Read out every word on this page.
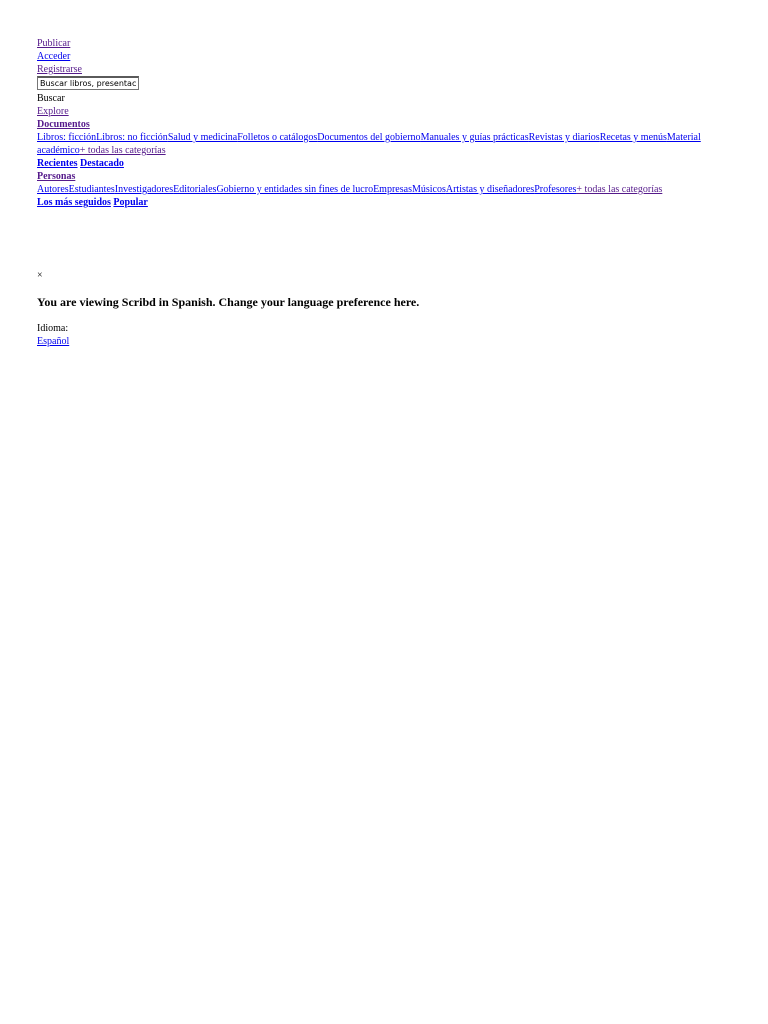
Publicar
Acceder
Registrarse
Buscar libros, presentacio
Buscar
Explore
Documentos
Libros: ficciónLibros: no ficciónSalud y medicinaFolletos o catálogosDocumentos del gobiernoManuales y guías prácticasRevistas y diariosRecetas y menúsMaterial académico+ todas las categorías
Recientes Destacado
Personas
AutoresEstudiantesInvestigadoresEditorialesGobierno y entidades sin fines de lucroEmpresasMúsicosArtistas y diseñadoresProfesores+ todas las categorías
Los más seguidos Popular
×
You are viewing Scribd in Spanish. Change your language preference here.
Idioma:
Español
